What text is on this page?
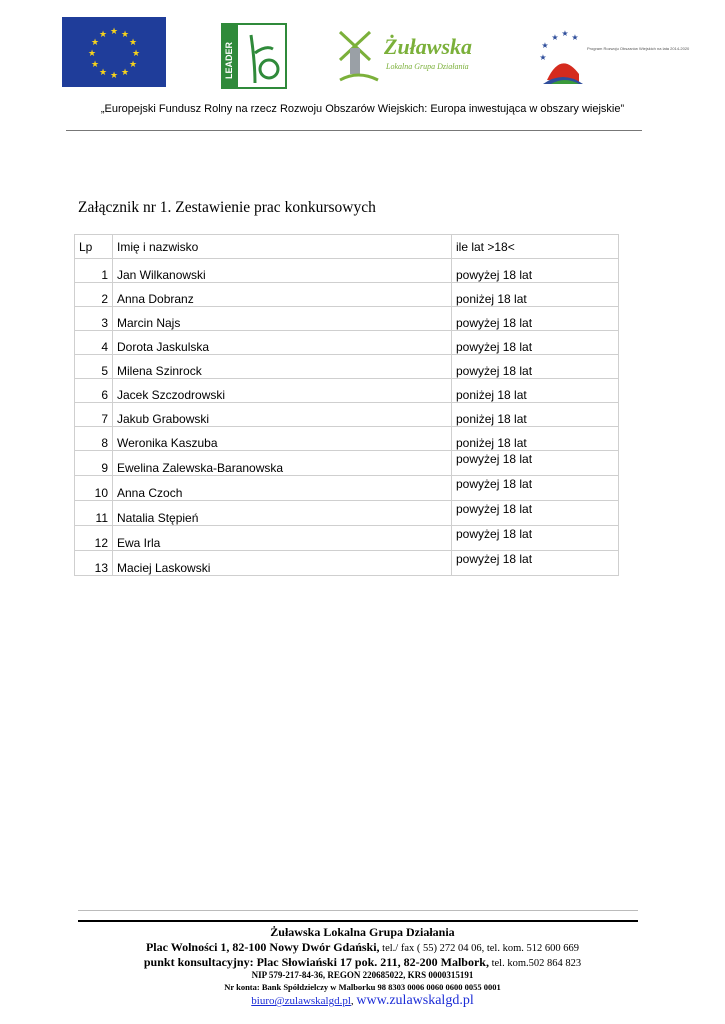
★ ★
★
★
★
★
★
★
★
★
★
★
LEADER	Żuławska
Lokalna Grupa Działania
★ ★
★
★
★
Program Rozwoju Obszarów Wiejskich na lata 2014-2020
„Europejski Fundusz Rolny na rzecz Rozwoju Obszarów Wiejskich: Europa inwestująca w obszary wiejskie”
Załącznik nr 1. Zestawienie prac konkursowych
Lp	Imię i nazwisko	ile lat >18<
1	Jan Wilkanowski	powyżej 18 lat
2	Anna Dobranz	poniżej 18 lat
3	Marcin Najs	powyżej 18 lat
4	Dorota Jaskulska	powyżej 18 lat
5	Milena Szinrock	powyżej 18 lat
6	Jacek Szczodrowski	poniżej 18 lat
7	Jakub Grabowski	poniżej 18 lat
8	Weronika Kaszuba	poniżej 18 lat
9	Ewelina Zalewska-Baranowska	powyżej 18 lat
10	Anna Czoch	powyżej 18 lat
11	Natalia Stępień	powyżej 18 lat
12	Ewa Irla	powyżej 18 lat
13	Maciej Laskowski	powyżej 18 lat
Żuławska Lokalna Grupa Działania
Plac Wolności 1, 82-100 Nowy Dwór Gdański, tel./ fax ( 55) 272 04 06, tel. kom. 512 600 669
punkt konsultacyjny: Plac Słowiański 17 pok. 211, 82-200 Malbork, tel. kom.502 864 823
NIP 579-217-84-36, REGON 220685022, KRS 0000315191
Nr konta: Bank Spółdzielczy w Malborku 98 8303 0006 0060 0600 0055 0001
biuro@zulawskalgd.pl, www.zulawskalgd.pl
